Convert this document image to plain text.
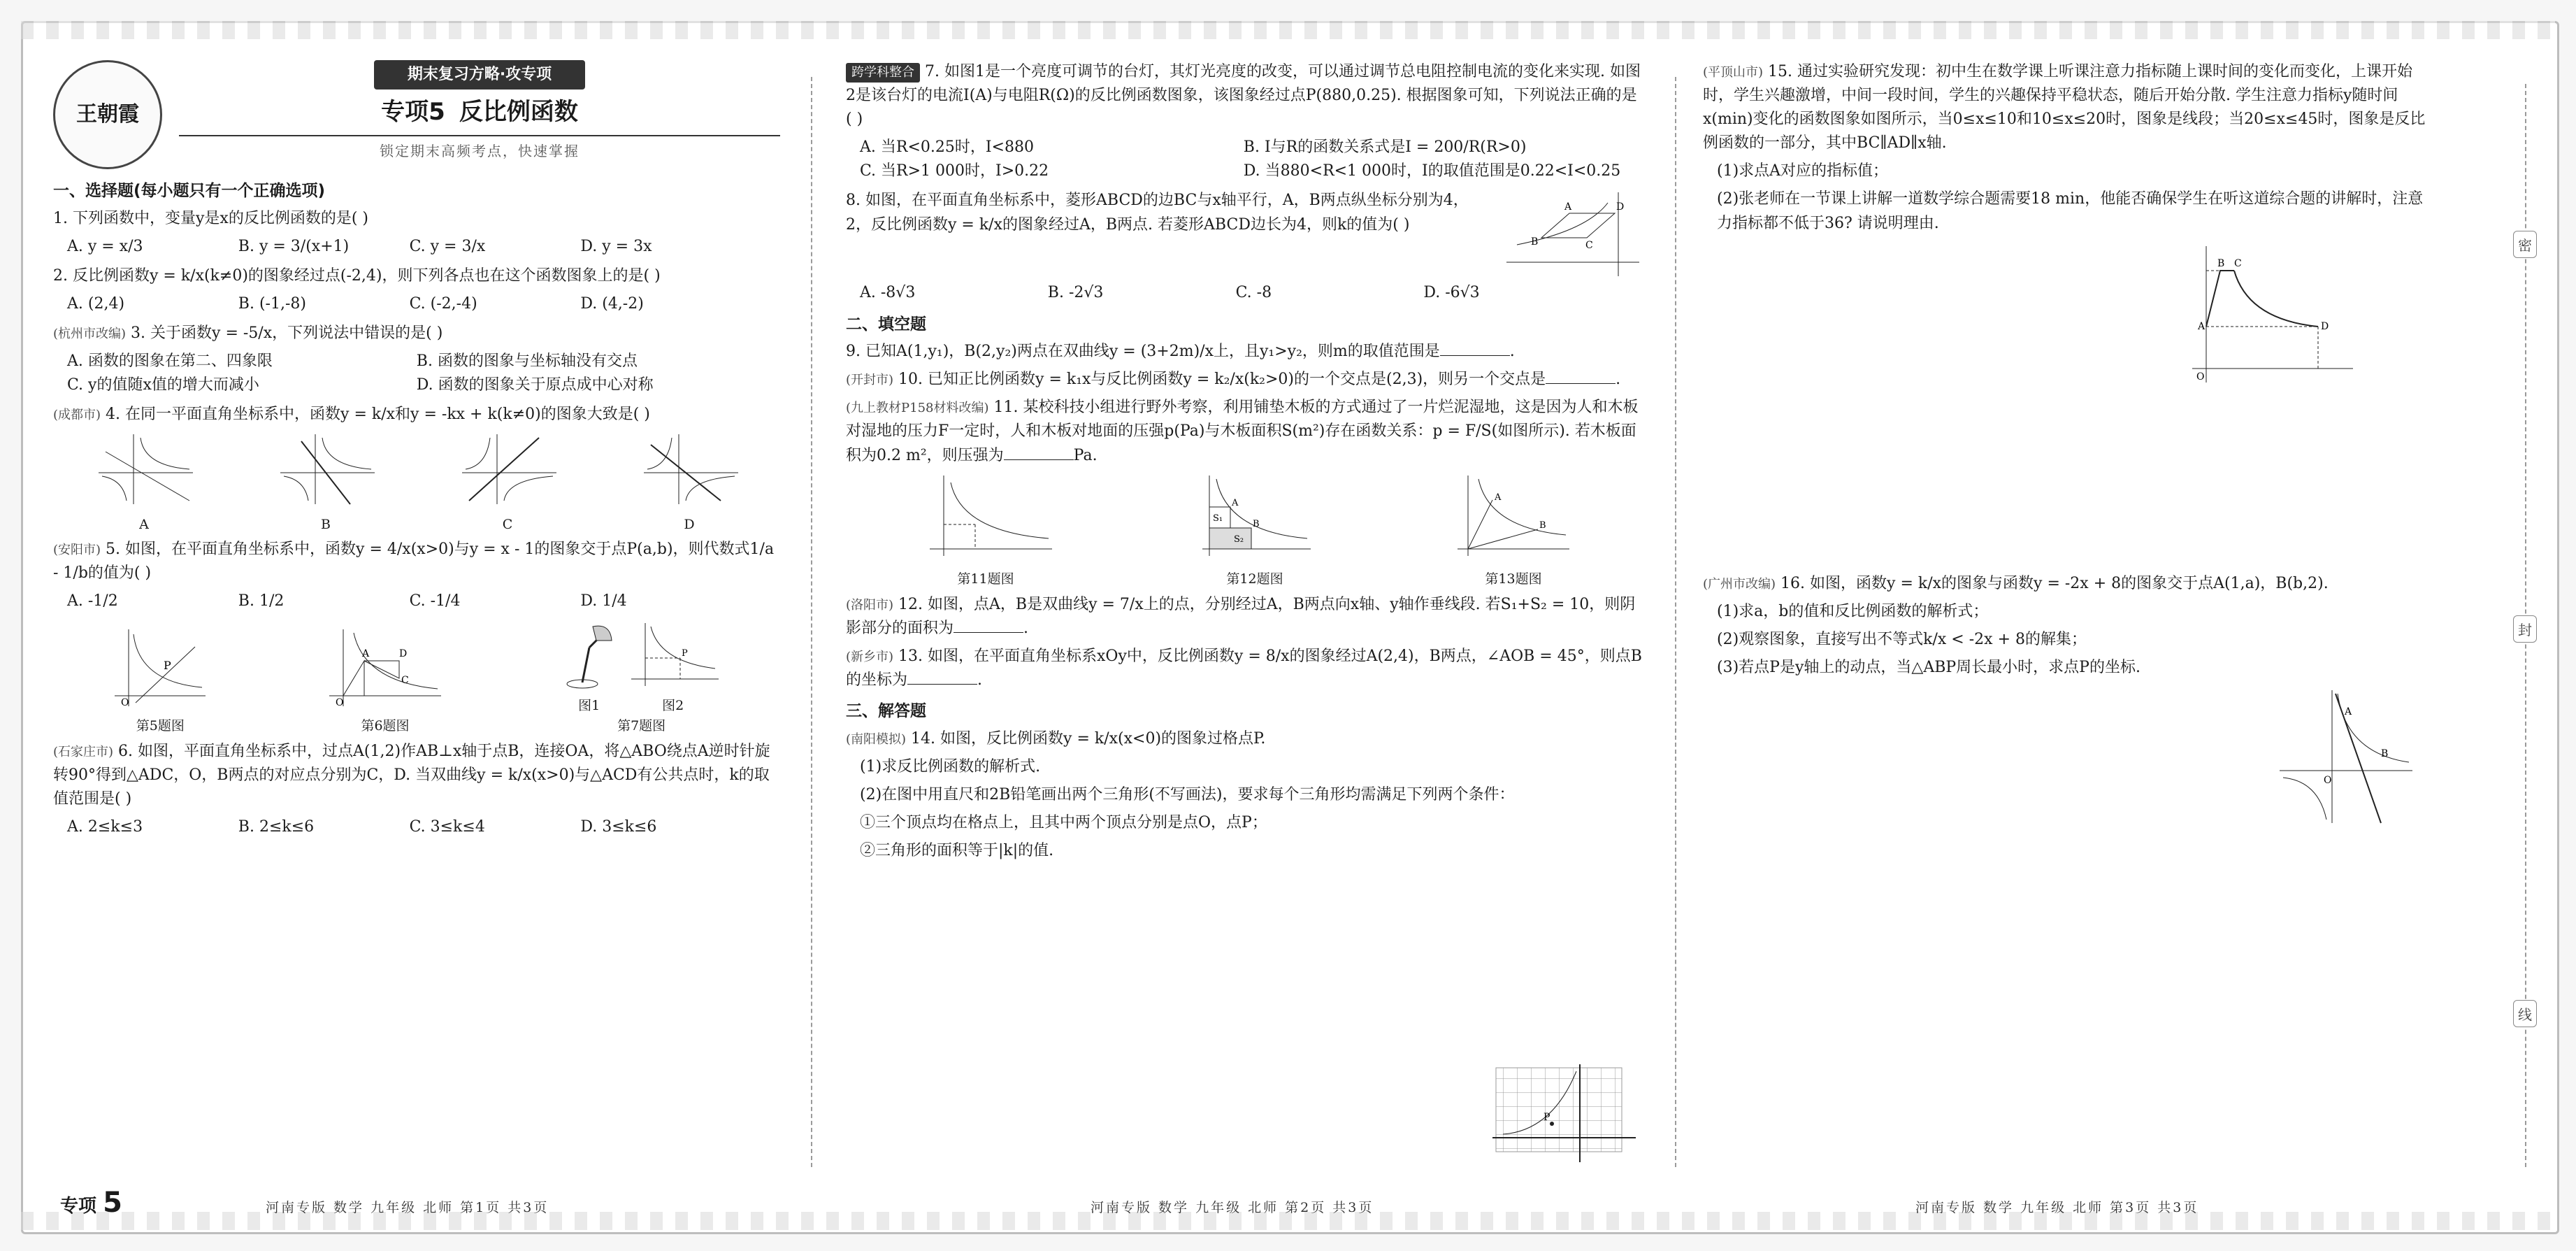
密
封
线
王朝霞
期末复习方略·攻专项
专项5 反比例函数
锁定期末高频考点，快速掌握
一、选择题(每小题只有一个正确选项)
1. 下列函数中，变量y是x的反比例函数的是( )
A. y = x/3	B. y = 3/(x+1)	C. y = 3/x	D. y = 3x
2. 反比例函数y = k/x(k≠0)的图象经过点(-2,4)，则下列各点也在这个函数图象上的是( )
A. (2,4)	B. (-1,-8)	C. (-2,-4)	D. (4,-2)
(杭州市改编) 3. 关于函数y = -5/x，下列说法中错误的是( )
A. 函数的图象在第二、四象限	B. 函数的图象与坐标轴没有交点
C. y的值随x值的增大而减小	D. 函数的图象关于原点成中心对称
(成都市) 4. 在同一平面直角坐标系中，函数y = k/x和y = -kx + k(k≠0)的图象大致是( )
A	B	C	D
(安阳市) 5. 如图，在平面直角坐标系中，函数y = 4/x(x>0)与y = x - 1的图象交于点P(a,b)，则代数式1/a - 1/b的值为( )
A. -1/2	B. 1/2	C. -1/4	D. 1/4
P
O
第5题图
A	D
C
O
第6题图
图1
P
图2
第7题图
(石家庄市) 6. 如图，平面直角坐标系中，过点A(1,2)作AB⊥x轴于点B，连接OA，将△ABO绕点A逆时针旋转90°得到△ADC，O，B两点的对应点分别为C，D. 当双曲线y = k/x(x>0)与△ACD有公共点时，k的取值范围是( )
A. 2≤k≤3	B. 2≤k≤6	C. 3≤k≤4	D. 3≤k≤6
跨学科整合 7. 如图1是一个亮度可调节的台灯，其灯光亮度的改变，可以通过调节总电阻控制电流的变化来实现. 如图2是该台灯的电流I(A)与电阻R(Ω)的反比例函数图象，该图象经过点P(880,0.25). 根据图象可知，下列说法正确的是( )
A. 当R<0.25时，I<880	B. I与R的函数关系式是I = 200/R(R>0)
C. 当R>1 000时，I>0.22	D. 当880<R<1 000时，I的取值范围是0.22<I<0.25
8. 如图，在平面直角坐标系中，菱形ABCD的边BC与x轴平行，A，B两点纵坐标分别为4，2，反比例函数y = k/x的图象经过A，B两点. 若菱形ABCD边长为4，则k的值为( )
A
B	C
D
A. -8√3	B. -2√3	C. -8	D. -6√3
二、填空题
9. 已知A(1,y₁)，B(2,y₂)两点在双曲线y = (3+2m)/x上，且y₁>y₂，则m的取值范围是	.
(开封市) 10. 已知正比例函数y = k₁x与反比例函数y = k₂/x(k₂>0)的一个交点是(2,3)，则另一个交点是	.
(九上教材P158材料改编) 11. 某校科技小组进行野外考察，利用铺垫木板的方式通过了一片烂泥湿地，这是因为人和木板对湿地的压力F一定时，人和木板对地面的压强p(Pa)与木板面积S(m²)存在函数关系：p = F/S(如图所示). 若木板面积为0.2 m²，则压强为	Pa.
第11题图
S₁
S₂
A
B
第12题图
A
B
第13题图
(洛阳市) 12. 如图，点A，B是双曲线y = 7/x上的点，分别经过A，B两点向x轴、y轴作垂线段. 若S₁+S₂ = 10，则阴影部分的面积为	.
(新乡市) 13. 如图，在平面直角坐标系xOy中，反比例函数y = 8/x的图象经过A(2,4)，B两点，∠AOB = 45°，则点B的坐标为	.
三、解答题
(南阳模拟) 14. 如图，反比例函数y = k/x(x<0)的图象过格点P.
(1)求反比例函数的解析式.
(2)在图中用直尺和2B铅笔画出两个三角形(不写画法)，要求每个三角形均需满足下列两个条件：
①三个顶点均在格点上，且其中两个顶点分别是点O，点P；
②三角形的面积等于|k|的值.
P
(平顶山市) 15. 通过实验研究发现：初中生在数学课上听课注意力指标随上课时间的变化而变化，上课开始时，学生兴趣激增，中间一段时间，学生的兴趣保持平稳状态，随后开始分散. 学生注意力指标y随时间x(min)变化的函数图象如图所示，当0≤x≤10和10≤x≤20时，图象是线段；当20≤x≤45时，图象是反比例函数的一部分，其中BC∥AD∥x轴.
(1)求点A对应的指标值；
(2)张老师在一节课上讲解一道数学综合题需要18 min，他能否确保学生在听这道综合题的讲解时，注意力指标都不低于36? 请说明理由.
A
B C
D
O
(广州市改编) 16. 如图，函数y = k/x的图象与函数y = -2x + 8的图象交于点A(1,a)，B(b,2).
(1)求a，b的值和反比例函数的解析式；
(2)观察图象，直接写出不等式k/x < -2x + 8的解集；
(3)若点P是y轴上的动点，当△ABP周长最小时，求点P的坐标.
A
B
O
专项 5	河南专版 数学 九年级 北师 第1页 共3页	河南专版 数学 九年级 北师 第2页 共3页	河南专版 数学 九年级 北师 第3页 共3页
